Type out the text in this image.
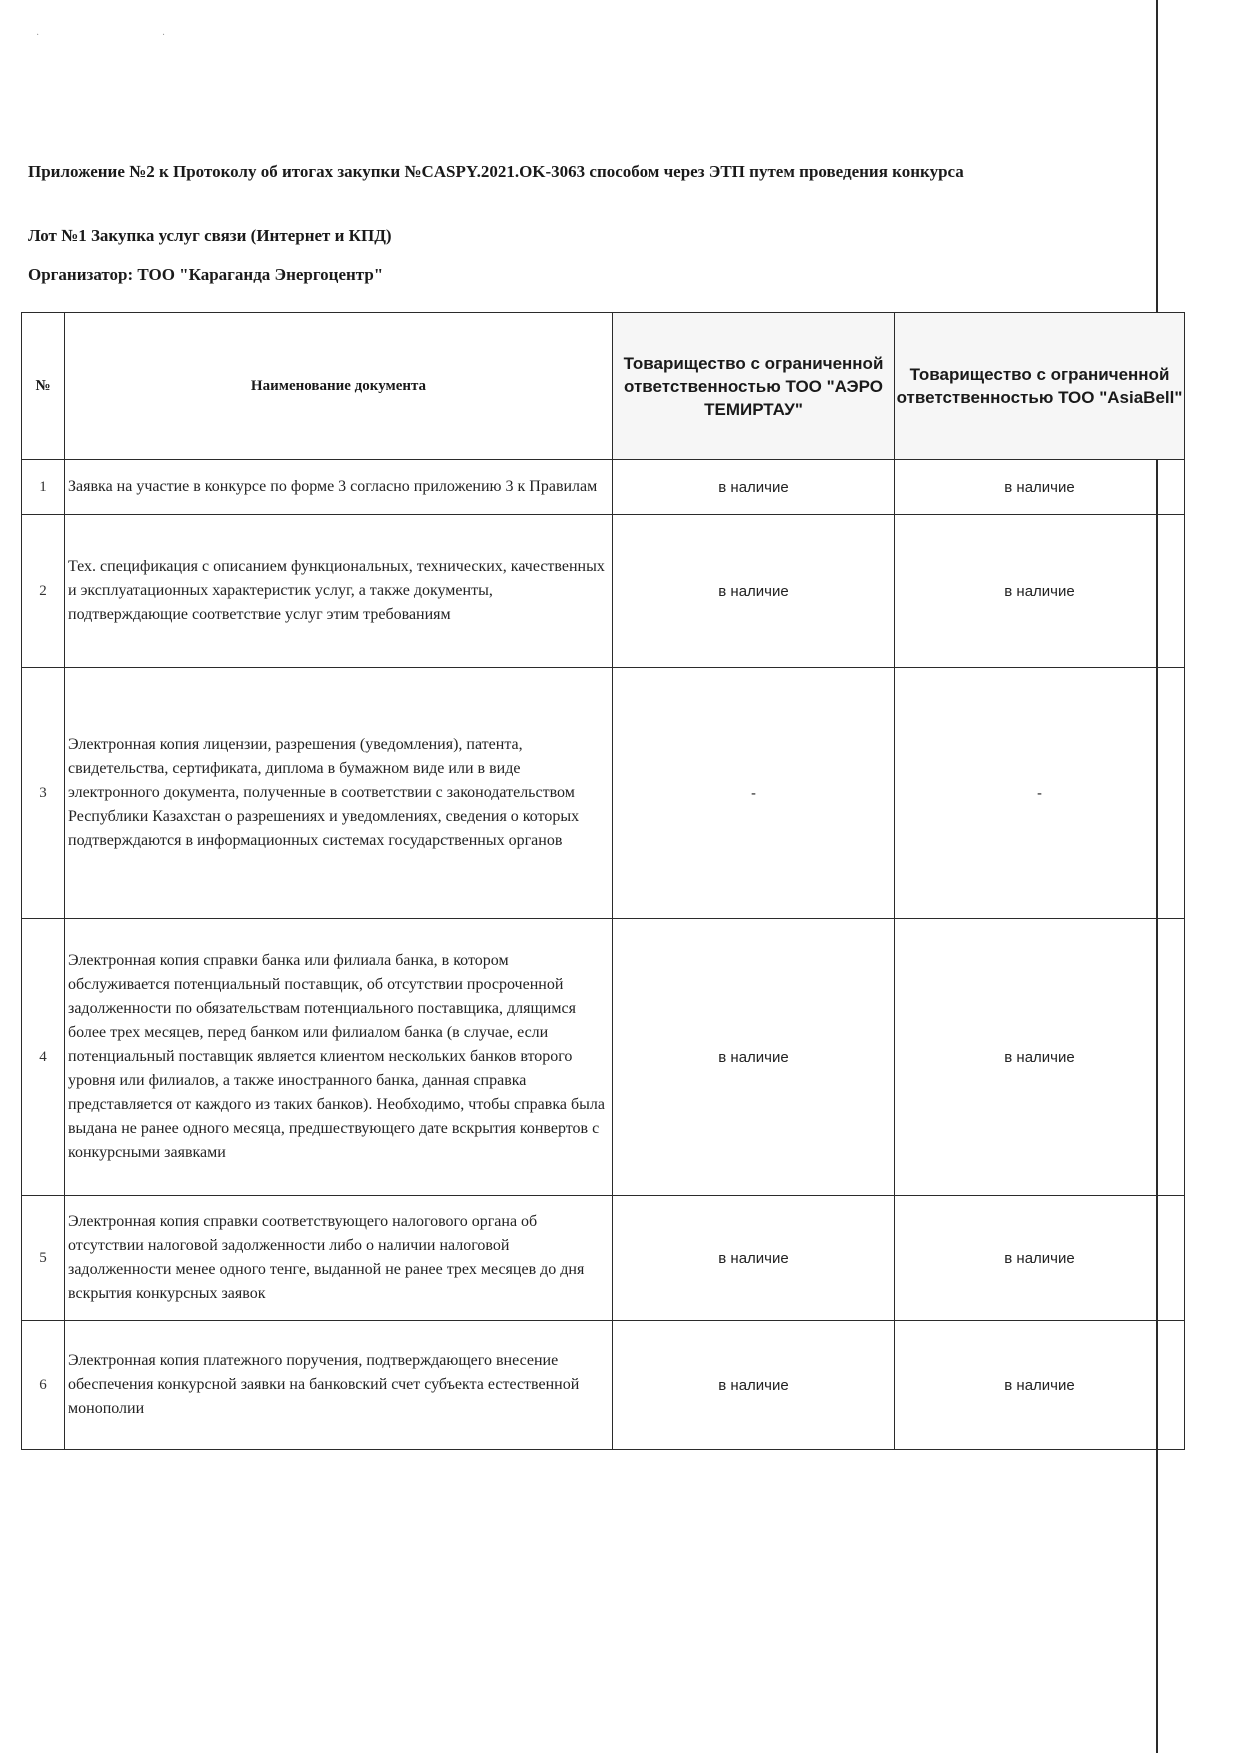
· ·
Приложение №2 к Протоколу об итогах закупки №CASPY.2021.OK-3063 способом через ЭТП путем проведения конкурса
Лот №1 Закупка услуг связи (Интернет и КПД)
Организатор: ТОО "Караганда Энергоцентр"
№	Наименование документа	Товарищество с ограниченной ответственностью ТОО "АЭРО ТЕМИРТАУ"	Товарищество с ограниченной ответственностью ТОО "AsiaBell"
1	Заявка на участие в конкурсе по форме 3 согласно приложению 3 к Правилам	в наличие	в наличие
2	Тех. спецификация с описанием функциональных, технических, качественных и эксплуатационных характеристик услуг, а также документы, подтверждающие соответствие услуг этим требованиям	в наличие	в наличие
3	Электронная копия лицензии, разрешения (уведомления), патента, свидетельства, сертификата, диплома в бумажном виде или в виде электронного документа, полученные в соответствии с законодательством Республики Казахстан о разрешениях и уведомлениях, сведения о которых подтверждаются в информационных системах государственных органов	-	-
4	Электронная копия справки банка или филиала банка, в котором обслуживается потенциальный поставщик, об отсутствии просроченной задолженности по обязательствам потенциального поставщика, длящимся более трех месяцев, перед банком или филиалом банка (в случае, если потенциальный поставщик является клиентом нескольких банков второго уровня или филиалов, а также иностранного банка, данная справка представляется от каждого из таких банков). Необходимо, чтобы справка была выдана не ранее одного месяца, предшествующего дате вскрытия конвертов с конкурсными заявками	в наличие	в наличие
5	Электронная копия справки соответствующего налогового органа об отсутствии налоговой задолженности либо о наличии налоговой задолженности менее одного тенге, выданной не ранее трех месяцев до дня вскрытия конкурсных заявок	в наличие	в наличие
6	Электронная копия платежного поручения, подтверждающего внесение обеспечения конкурсной заявки на банковский счет субъекта естественной монополии	в наличие	в наличие
